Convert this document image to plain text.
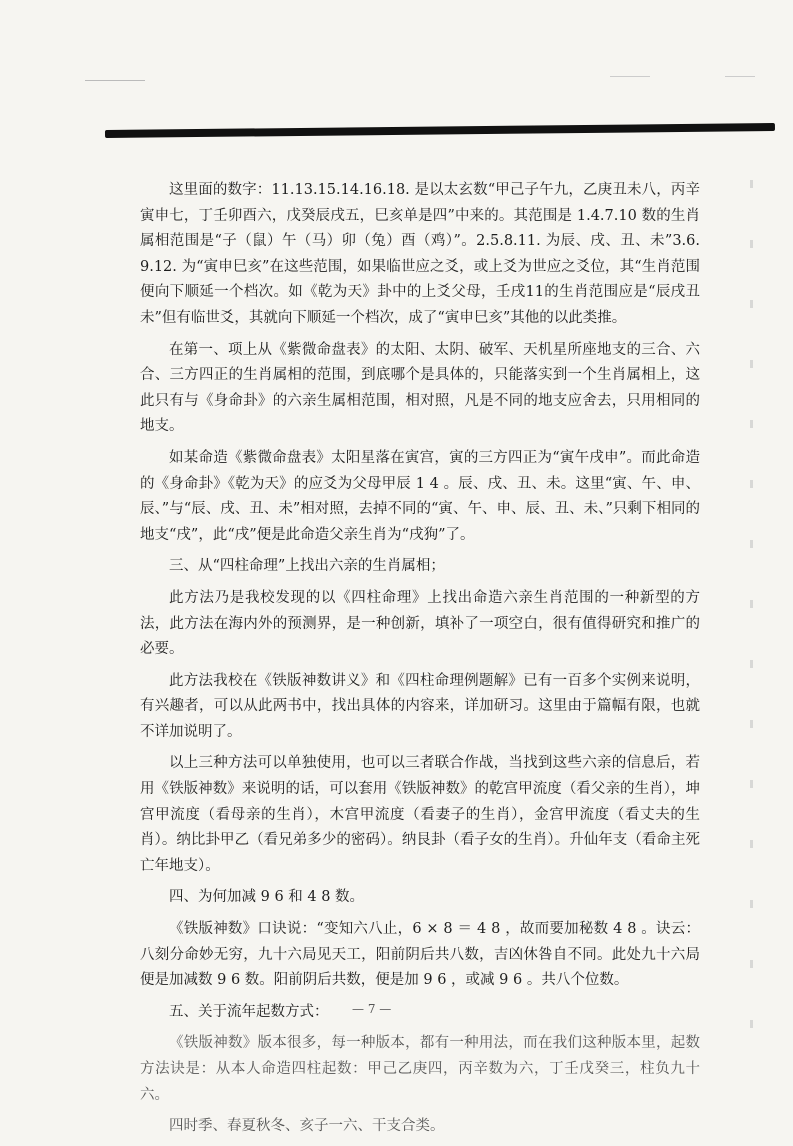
这里面的数字：11.13.15.14.16.18. 是以太玄数“甲己子午九，乙庚丑未八，丙辛寅申七，丁壬卯酉六，戊癸辰戌五，巳亥单是四”中来的。其范围是 1.4.7.10 数的生肖属相范围是“子（鼠）午（马）卯（兔）酉（鸡）”。2.5.8.11. 为辰、戌、丑、未”3.6.9.12. 为“寅申巳亥”在这些范围，如果临世应之爻，或上爻为世应之爻位，其“生肖范围便向下顺延一个档次。如《乾为天》卦中的上爻父母，壬戌11的生肖范围应是“辰戌丑未”但有临世爻，其就向下顺延一个档次，成了“寅申巳亥”其他的以此类推。

在第一、项上从《紫微命盘表》的太阳、太阴、破军、天机星所座地支的三合、六合、三方四正的生肖属相的范围，到底哪个是具体的，只能落实到一个生肖属相上，这此只有与《身命卦》的六亲生属相范围，相对照，凡是不同的地支应舍去，只用相同的地支。

如某命造《紫微命盘表》太阳星落在寅宫，寅的三方四正为“寅午戌申”。而此命造的《身命卦》《乾为天》的应爻为父母甲辰 1 4 。辰、戌、丑、未。这里“寅、午、申、辰、”与“辰、戌、丑、未”相对照，去掉不同的“寅、午、申、辰、丑、未、”只剩下相同的地支“戌”，此“戌”便是此命造父亲生肖为“戌狗”了。

三、从“四柱命理”上找出六亲的生肖属相；

此方法乃是我校发现的以《四柱命理》上找出命造六亲生肖范围的一种新型的方法，此方法在海内外的预测界，是一种创新，填补了一项空白，很有值得研究和推广的必要。

此方法我校在《铁版神数讲义》和《四柱命理例题解》已有一百多个实例来说明，有兴趣者，可以从此两书中，找出具体的内容来，详加研习。这里由于篇幅有限，也就不详加说明了。

以上三种方法可以单独使用，也可以三者联合作战，当找到这些六亲的信息后，若用《铁版神数》来说明的话，可以套用《铁版神数》的乾宫甲流度（看父亲的生肖），坤宫甲流度（看母亲的生肖），木宫甲流度（看妻子的生肖），金宫甲流度（看丈夫的生肖）。纳比卦甲乙（看兄弟多少的密码）。纳艮卦（看子女的生肖）。升仙年支（看命主死亡年地支）。

四、为何加减 9 6 和 4 8 数。

《铁版神数》口诀说：“变知六八止，6 × 8 ＝ 4 8 ，故而要加秘数 4 8 。诀云：八刻分命妙无穷，九十六局见天工，阳前阴后共八数，吉凶休咎自不同。此处九十六局便是加减数 9 6 数。阳前阴后共数，便是加 9 6 ，或减 9 6 。共八个位数。

五、关于流年起数方式：

《铁版神数》版本很多，每一种版本，都有一种用法，而在我们这种版本里，起数方法诀是：从本人命造四柱起数：甲己乙庚四，丙辛数为六，丁壬戊癸三，柱负九十六。

四时季、春夏秋冬、亥子一六、干支合类。

— 7 —
